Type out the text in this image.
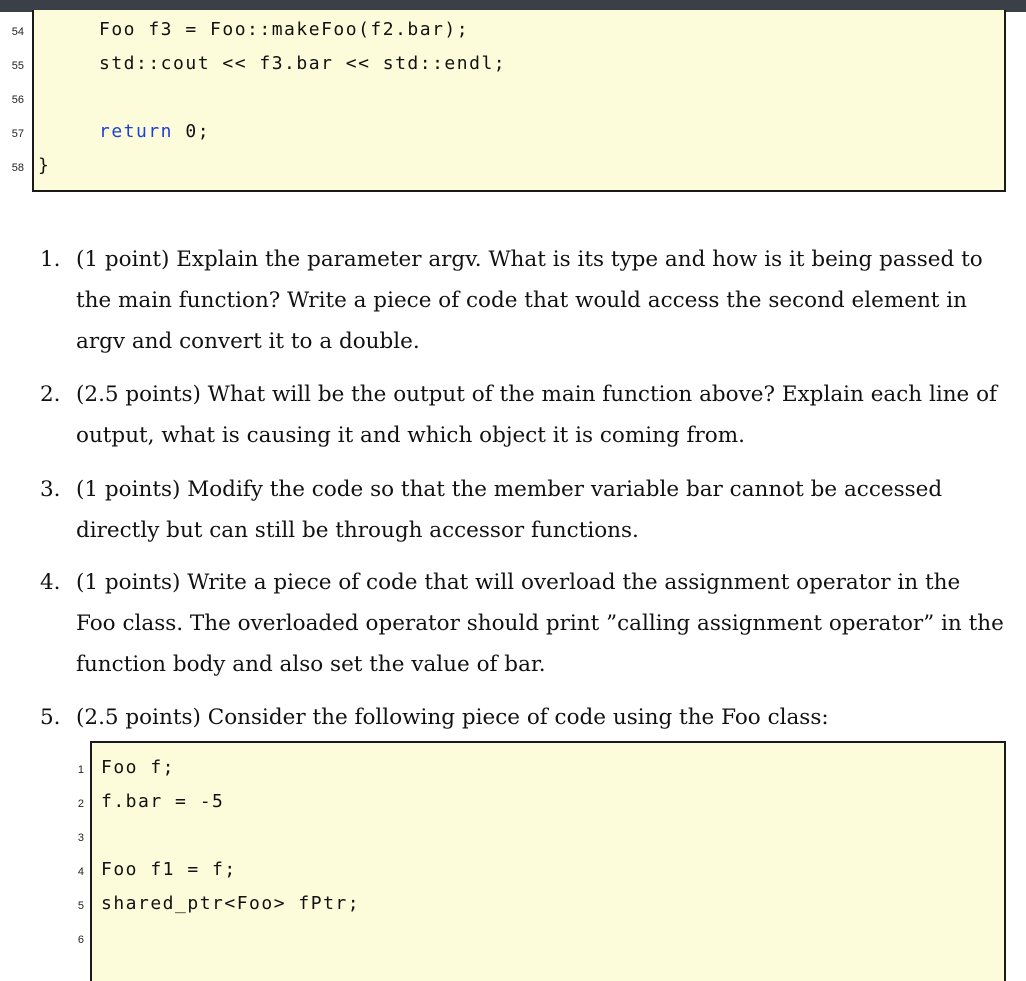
54	Foo f3 = Foo::makeFoo(f2.bar);
55	std::cout << f3.bar << std::endl;
56
57	return 0;
58 }
1. (1 point) Explain the parameter argv. What is its type and how is it being passed to the main function? Write a piece of code that would access the second element in argv and convert it to a double.
2. (2.5 points) What will be the output of the main function above? Explain each line of output, what is causing it and which object it is coming from.
3. (1 points) Modify the code so that the member variable bar cannot be accessed directly but can still be through accessor functions.
4. (1 points) Write a piece of code that will overload the assignment operator in the Foo class. The overloaded operator should print ”calling assignment operator” in the function body and also set the value of bar.
5. (2.5 points) Consider the following piece of code using the Foo class:
1 Foo f;
2 f.bar = -5
3
4 Foo f1 = f;
5 shared_ptr<Foo> fPtr;
6
